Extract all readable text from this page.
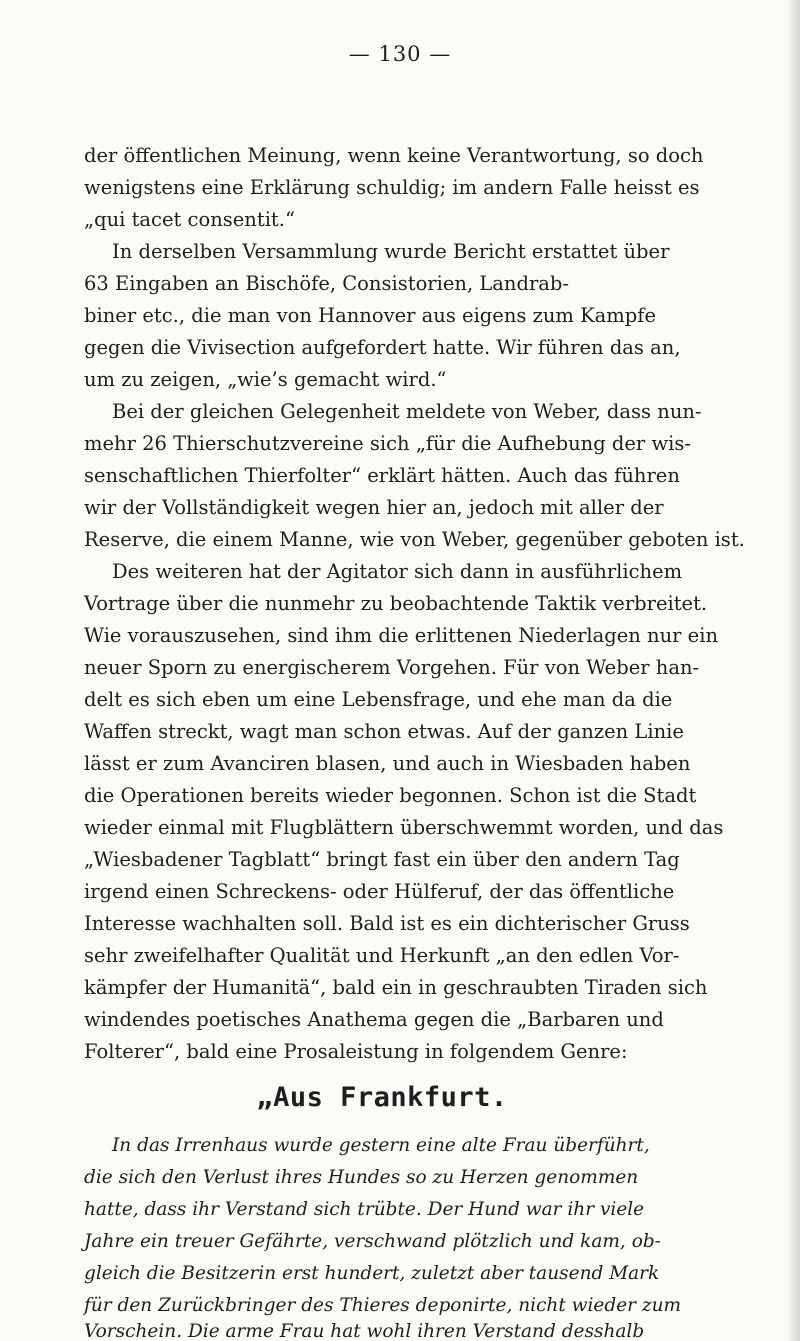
— 130 —
der öffentlichen Meinung, wenn keine Verantwortung, so doch
wenigstens eine Erklärung schuldig; im andern Falle heisst es
„qui tacet consentit.“
In derselben Versammlung wurde Bericht erstattet über
63 Eingaben an Bischöfe, Consistorien, Landrab-
biner etc., die man von Hannover aus eigens zum Kampfe
gegen die Vivisection aufgefordert hatte. Wir führen das an,
um zu zeigen, „wie’s gemacht wird.“
Bei der gleichen Gelegenheit meldete von Weber, dass nun-
mehr 26 Thierschutzvereine sich „für die Aufhebung der wis-
senschaftlichen Thierfolter“ erklärt hätten. Auch das führen
wir der Vollständigkeit wegen hier an, jedoch mit aller der
Reserve, die einem Manne, wie von Weber, gegenüber geboten ist.
Des weiteren hat der Agitator sich dann in ausführlichem
Vortrage über die nunmehr zu beobachtende Taktik verbreitet.
Wie vorauszusehen, sind ihm die erlittenen Niederlagen nur ein
neuer Sporn zu energischerem Vorgehen. Für von Weber han-
delt es sich eben um eine Lebensfrage, und ehe man da die
Waffen streckt, wagt man schon etwas. Auf der ganzen Linie
lässt er zum Avanciren blasen, und auch in Wiesbaden haben
die Operationen bereits wieder begonnen. Schon ist die Stadt
wieder einmal mit Flugblättern überschwemmt worden, und das
„Wiesbadener Tagblatt“ bringt fast ein über den andern Tag
irgend einen Schreckens- oder Hülferuf, der das öffentliche
Interesse wachhalten soll. Bald ist es ein dichterischer Gruss
sehr zweifelhafter Qualität und Herkunft „an den edlen Vor-
kämpfer der Humanitä“, bald ein in geschraubten Tiraden sich
windendes poetisches Anathema gegen die „Barbaren und
Folterer“, bald eine Prosaleistung in folgendem Genre:
„Aus Frankfurt.
In das Irrenhaus wurde gestern eine alte Frau überführt,
die sich den Verlust ihres Hundes so zu Herzen genommen
hatte, dass ihr Verstand sich trübte. Der Hund war ihr viele
Jahre ein treuer Gefährte, verschwand plötzlich und kam, ob-
gleich die Besitzerin erst hundert, zuletzt aber tausend Mark
für den Zurückbringer des Thieres deponirte, nicht wieder zum
Vorschein. Die arme Frau hat wohl ihren Verstand desshalb
